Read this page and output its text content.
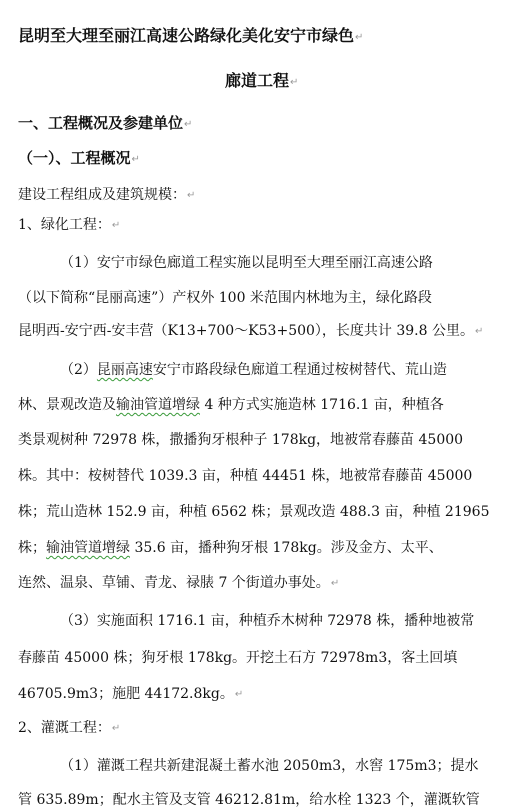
昆明至大理至丽江高速公路绿化美化安宁市绿色↵
廊道工程↵
一、工程概况及参建单位↵
（一）、工程概况↵
建设工程组成及建筑规模：↵
1、绿化工程：↵
（1）安宁市绿色廊道工程实施以昆明至大理至丽江高速公路
（以下简称“昆丽高速”）产权外 100 米范围内林地为主，绿化路段
昆明西-安宁西-安丰营（K13+700～K53+500），长度共计 39.8 公里。↵
（2）昆丽高速安宁市路段绿色廊道工程通过桉树替代、荒山造
林、景观改造及输油管道增绿 4 种方式实施造林 1716.1 亩，种植各
类景观树种 72978 株，撒播狗牙根种子 178kg，地被常春藤苗 45000
株。其中：桉树替代 1039.3 亩，种植 44451 株，地被常春藤苗 45000
株；荒山造林 152.9 亩，种植 6562 株；景观改造 488.3 亩，种植 21965
株；输油管道增绿 35.6 亩，播种狗牙根 178kg。涉及金方、太平、
连然、温泉、草铺、青龙、禄脿 7 个街道办事处。↵
（3）实施面积 1716.1 亩，种植乔木树种 72978 株，播种地被常
春藤苗 45000 株；狗牙根 178kg。开挖土石方 72978m3，客土回填
46705.9m3；施肥 44172.8kg。↵
2、灌溉工程：↵
（1）灌溉工程共新建混凝土蓄水池 2050m3，水窖 175m3；提水
管 635.89m；配水主管及支管 46212.81m，给水栓 1323 个，灌溉软管
